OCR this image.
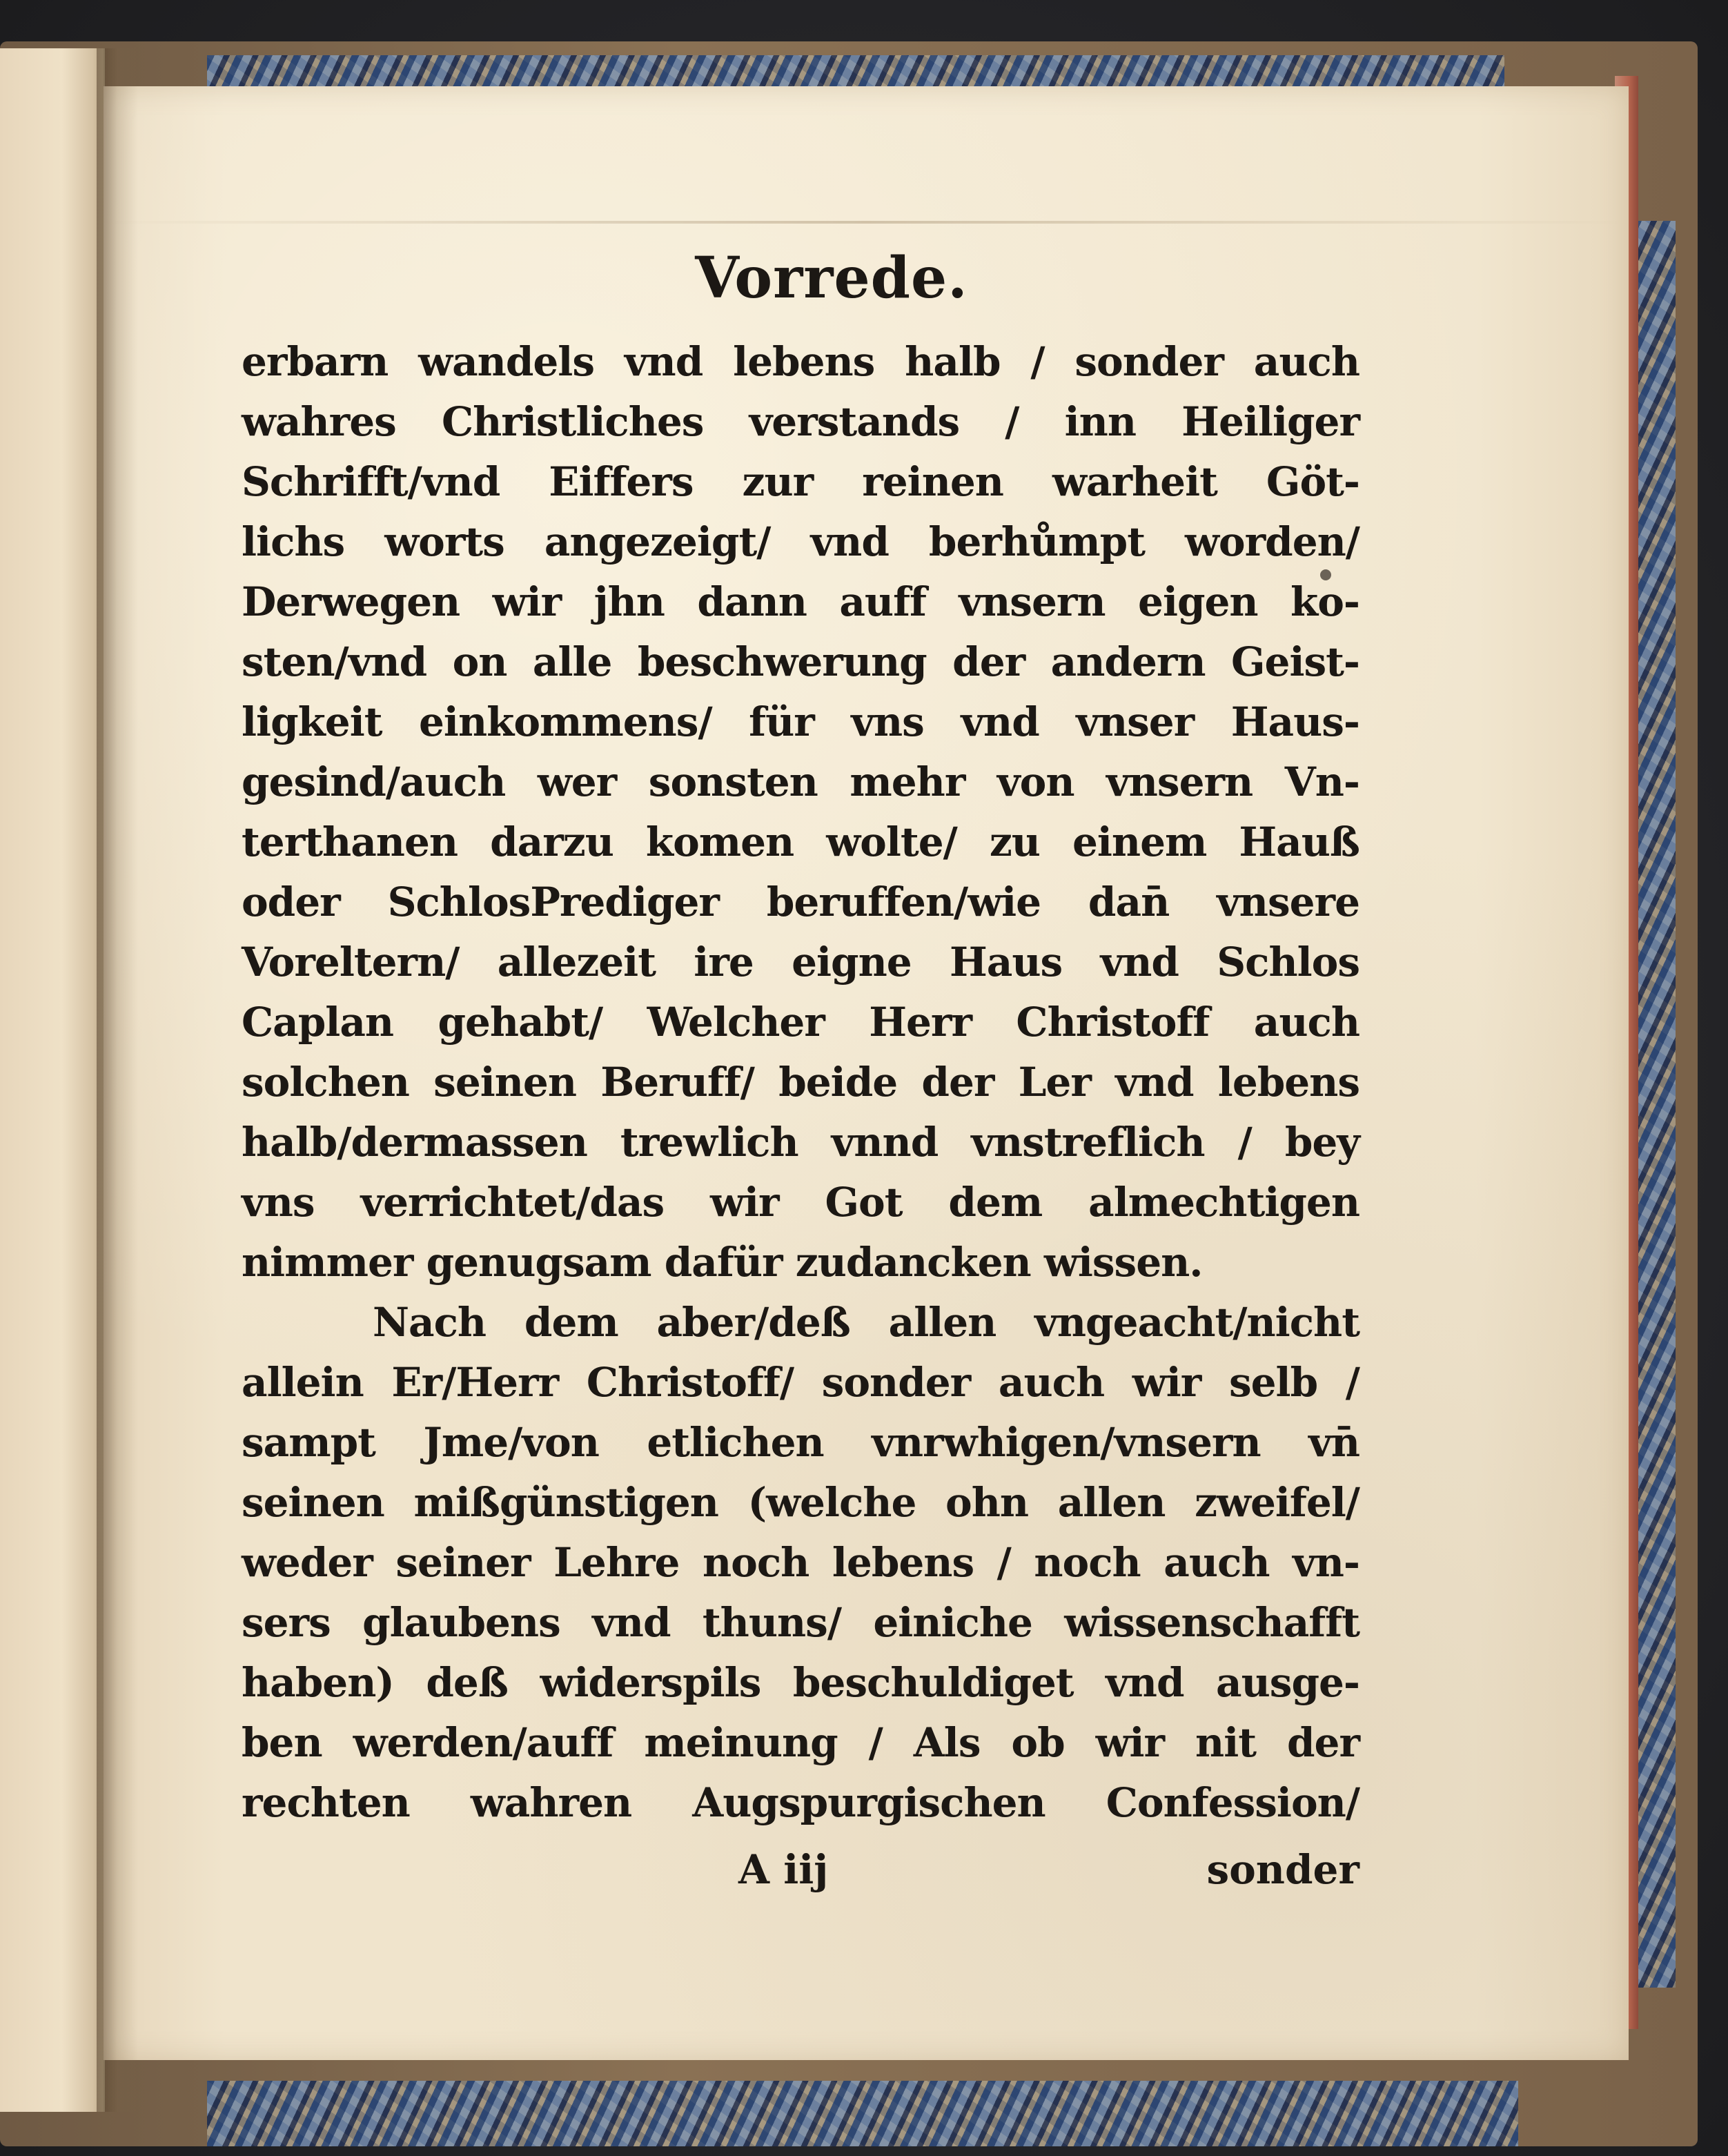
Vorrede.
erbarn wandels vnd lebens halb / sonder auch
wahres Christliches verstands / inn Heiliger
Schrifft/vnd Eiffers zur reinen warheit Göt-
lichs worts angezeigt/ vnd berhůmpt worden/
Derwegen wir jhn dann auff vnsern eigen ko-
sten/vnd on alle beschwerung der andern Geist-
ligkeit einkommens/ für vns vnd vnser Haus-
gesind/auch wer sonsten mehr von vnsern Vn-
terthanen darzu komen wolte/ zu einem Hauß
oder SchlosPrediger beruffen/wie dan̄ vnsere
Voreltern/ allezeit ire eigne Haus vnd Schlos
Caplan gehabt/ Welcher Herr Christoff auch
solchen seinen Beruff/ beide der Ler vnd lebens
halb/dermassen trewlich vnnd vnstreflich / bey
vns verrichtet/das wir Got dem almechtigen
nimmer genugsam dafür zudancken wissen.
Nach dem aber/deß allen vngeacht/nicht
allein Er/Herr Christoff/ sonder auch wir selb /
sampt Jme/von etlichen vnrwhigen/vnsern vn̄
seinen mißgünstigen (welche ohn allen zweifel/
weder seiner Lehre noch lebens / noch auch vn-
sers glaubens vnd thuns/ einiche wissenschafft
haben) deß widerspils beschuldiget vnd ausge-
ben werden/auff meinung / Als ob wir nit der
rechten wahren Augspurgischen Confession/
A iij	sonder
